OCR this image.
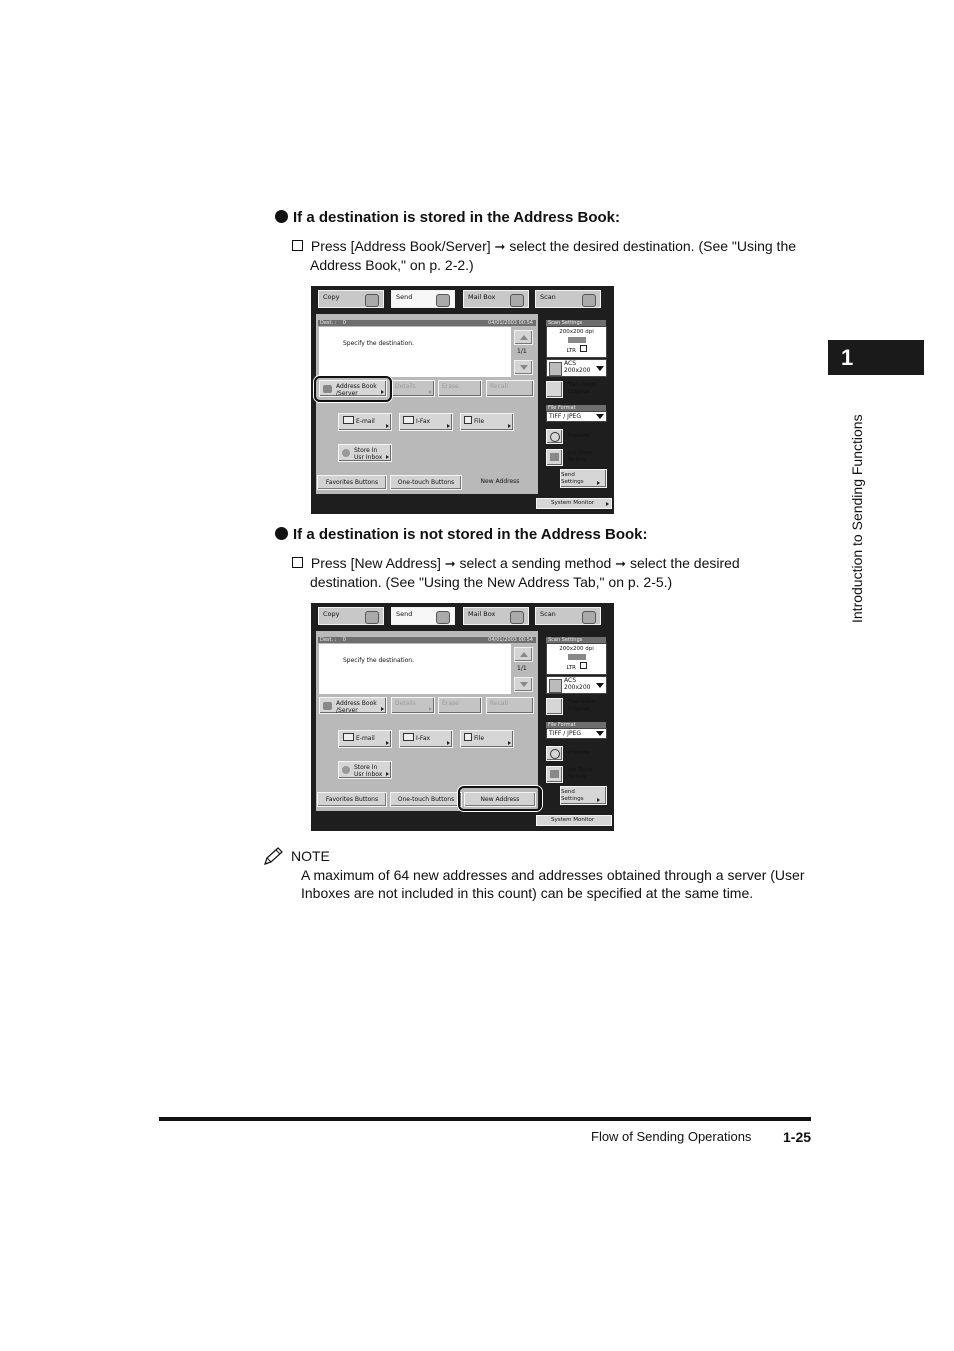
If a destination is stored in the Address Book:
Press [Address Book/Server] ➞ select the desired destination. (See "Using the
Address Book," on p. 2-2.)
Copy	Send	Mail Box	Scan
Dest. : 0	04/01/2003 00:54
Specify the destination.
1/1
Address Book
/Server
Details	Erase	Recall
E-mail	I-Fax	File
Store In
Usr Inbox
Favorites Buttons	One-touch Buttons	New Address
Scan Settings
200x200 dpi
LTR
ACS
200x200
Two-sided
Original
File Format
TIFF / JPEG
Preview
Job Done
Notice
Send
Settings
System Monitor
If a destination is not stored in the Address Book:
Press [New Address] ➞ select a sending method ➞ select the desired
destination. (See "Using the New Address Tab," on p. 2-5.)
Copy	Send	Mail Box	Scan
Dest. : 0	04/01/2003 00:54
Specify the destination.
1/1
Address Book
/Server
Details	Erase	Recall
E-mail	I-Fax	File
Store In
Usr Inbox
Favorites Buttons	One-touch Buttons	New Address
Scan Settings
200x200 dpi
LTR
ACS
200x200
Two-sided
Original
File Format
TIFF / JPEG
Preview
Job Done
Notice
Send
Settings
System Monitor
NOTE
A maximum of 64 new addresses and addresses obtained through a server (User
Inboxes are not included in this count) can be specified at the same time.
1
Introduction to Sending Functions
Flow of Sending Operations 1-25
